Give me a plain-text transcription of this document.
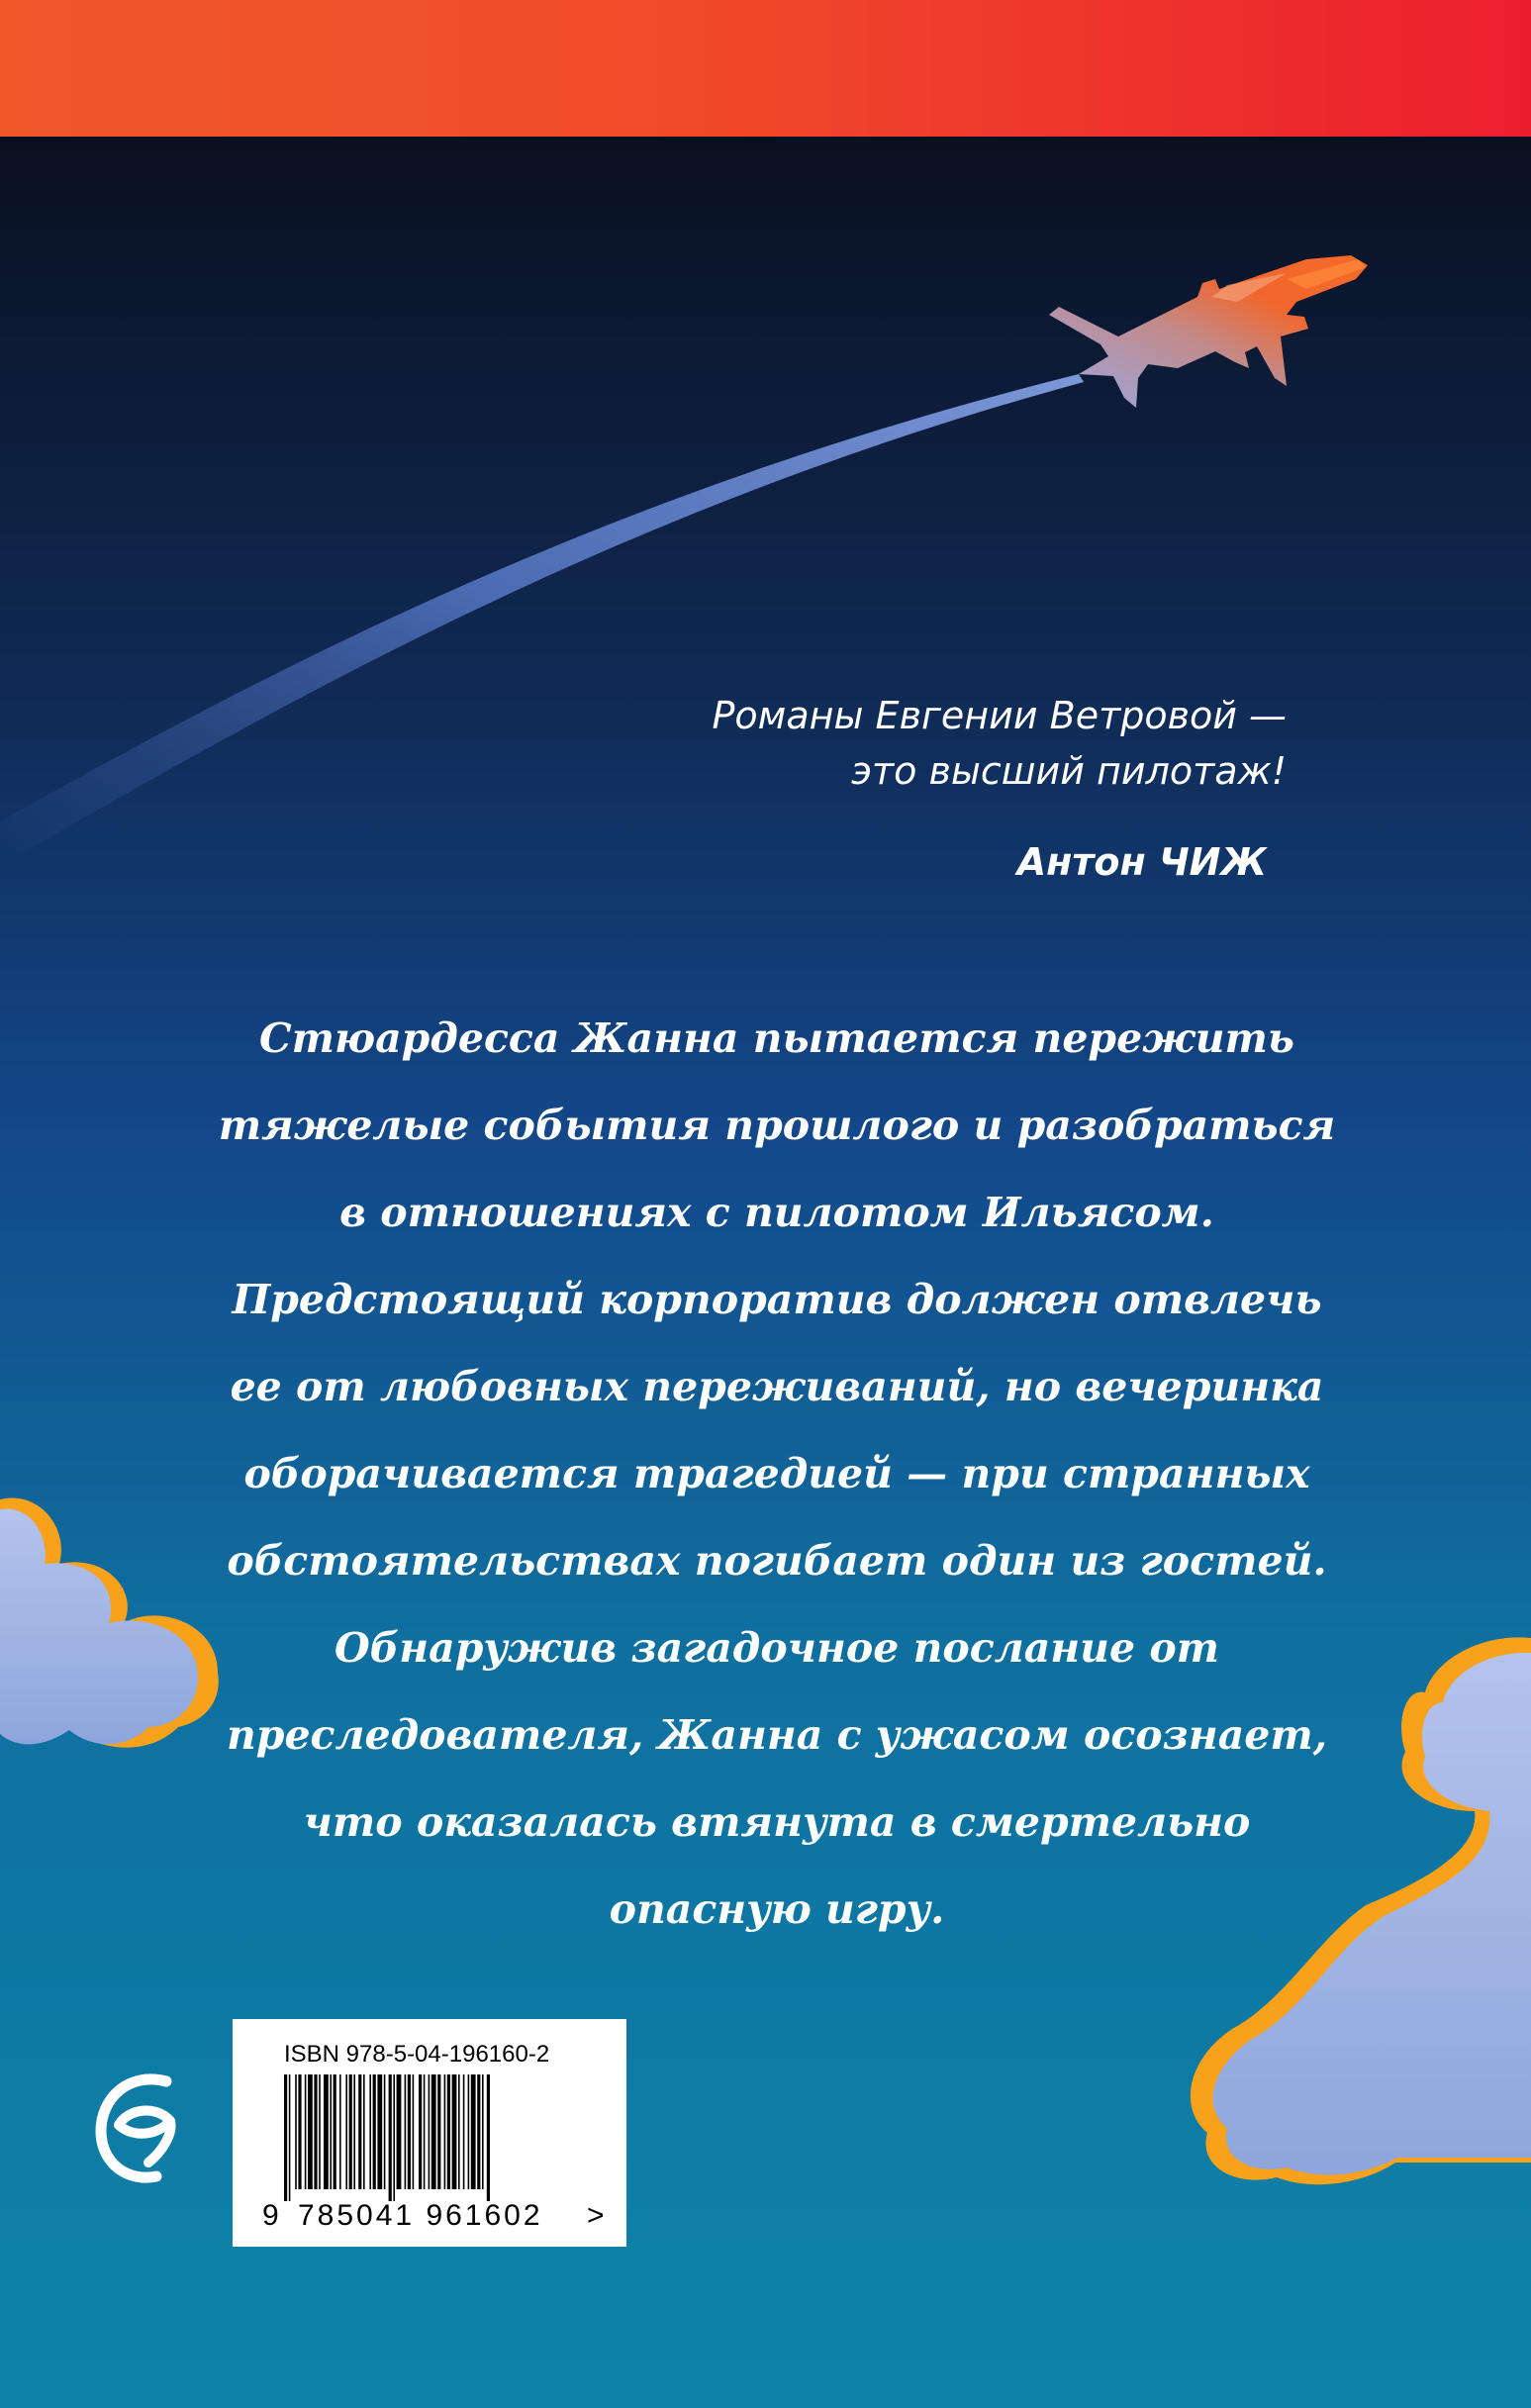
Романы Евгении Ветровой —
это высший пилотаж!
Антон ЧИЖ
Стюардесса Жанна пытается пережить
тяжелые события прошлого и разобраться
в отношениях с пилотом Ильясом.
Предстоящий корпоратив должен отвлечь
ее от любовных переживаний, но вечеринка
оборачивается трагедией — при странных
обстоятельствах погибает один из гостей.
Обнаружив загадочное послание от
преследователя, Жанна с ужасом осознает,
что оказалась втянута в смертельно
опасную игру.
ISBN 978-5-04-196160-2
9 785041 961602 >
